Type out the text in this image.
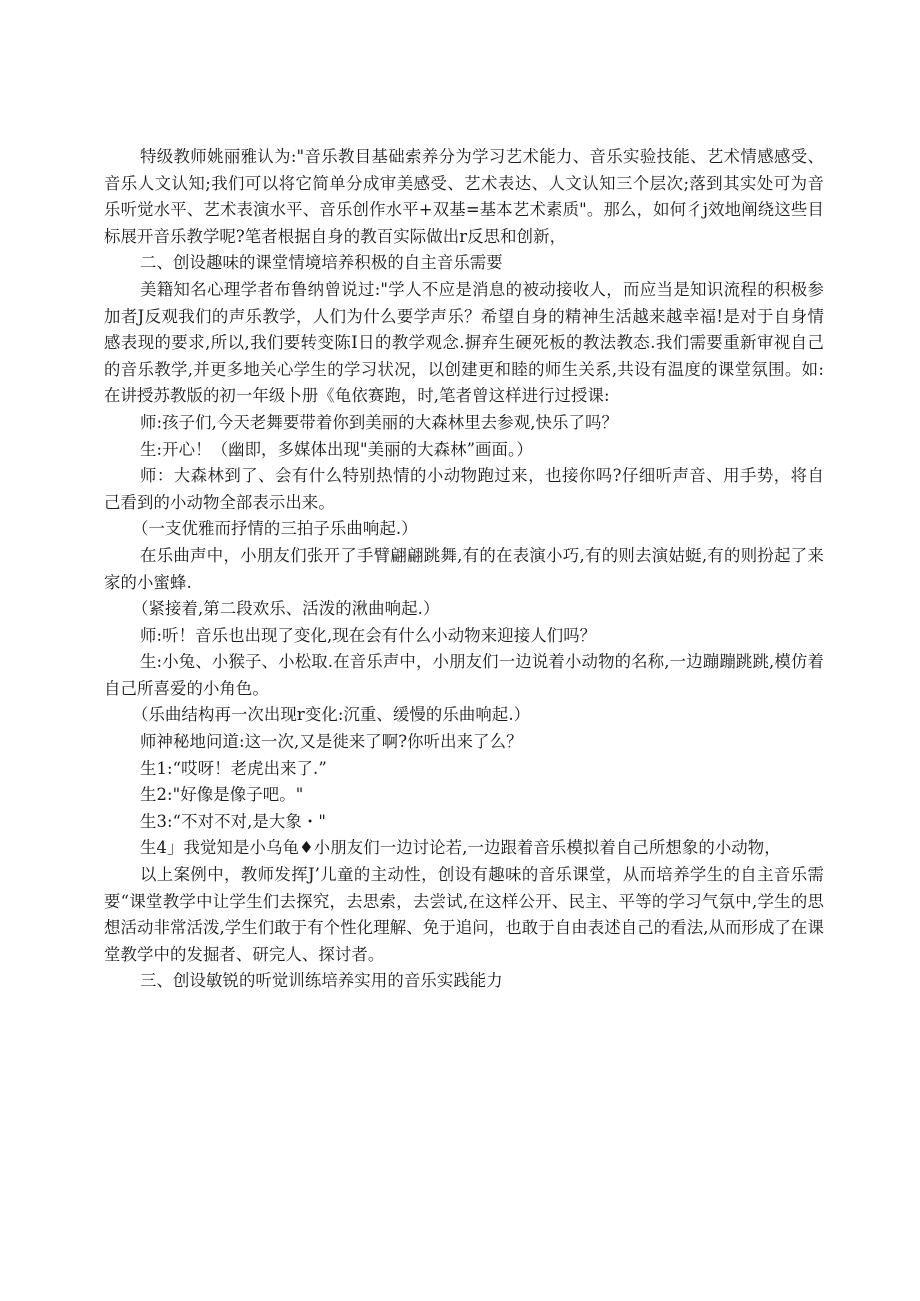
特级教师姚丽雅认为:"音乐教目基础索养分为学习艺术能力、音乐实验技能、艺术情感感受、音乐人文认知;我们可以将它简单分成审美感受、艺术表达、人文认知三个层次;落到其实处可为音乐听觉水平、艺术表演水平、音乐创作水平+双基=基本艺术素质"。那么，如何彳j效地阐绕这些目标展开音乐教学呢?笔者根据自身的教百实际做出r反思和创新，

二、创设趣味的课堂情境培养积极的自主音乐需要

美籍知名心理学者布鲁纳曾说过:"学人不应是消息的被动接收人，而应当是知识流程的积极参加者J反观我们的声乐教学，人们为什么要学声乐？希望自身的精神生活越来越幸福!是对于自身情感表现的要求,所以,我们要转变陈I日的教学观念.摒弃生硬死板的教法教态.我们需要重新审视自己的音乐教学,并更多地关心学生的学习状况，以创建更和睦的师生关系,共设有温度的课堂氛围。如:在讲授苏教版的初一年级卜册《龟依赛跑，时,笔者曾这样进行过授课:

师:孩子们,今天老舞要带着你到美丽的大森林里去参观,快乐了吗？

生:开心！（幽即，多媒体出现"美丽的大森林”画面。）

师：大森林到了、会有什么特别热情的小动物跑过来，也接你吗?仔细听声音、用手势，将自己看到的小动物全部表示出来。

（一支优雅而抒情的三拍子乐曲响起.）

在乐曲声中，小朋友们张开了手臂翩翩跳舞,有的在表演小巧,有的则去演姑蜓,有的则扮起了来家的小蜜蜂.

（紧接着,第二段欢乐、活泼的湫曲响起.）

师:听！音乐也出现了变化,现在会有什么小动物来迎接人们吗？

生:小兔、小猴子、小松取.在音乐声中，小朋友们一边说着小动物的名称,一边蹦蹦跳跳,模仿着自己所喜爱的小角色。

（乐曲结构再一次出现r变化:沉重、缓慢的乐曲响起.）

师神秘地问道:这一次,又是徙来了啊?你听出来了么？

生1:“哎呀！老虎出来了.”

生2:"好像是像子吧。"

生3:“不对不对,是大象・"

生4」我觉知是小乌龟♦小朋友们一边讨论若,一边跟着音乐模拟着自己所想象的小动物，

以上案例中，教师发挥J’儿童的主动性，创设有趣味的音乐课堂，从而培养学生的自主音乐需要“课堂教学中让学生们去探究，去思索，去尝试,在这样公开、民主、平等的学习气氛中,学生的思想活动非常活泼,学生们敢于有个性化理解、免于追问，也敢于自由表述自己的看法,从而形成了在课堂教学中的发掘者、研完人、探讨者。

三、创设敏锐的听觉训练培养实用的音乐实践能力
